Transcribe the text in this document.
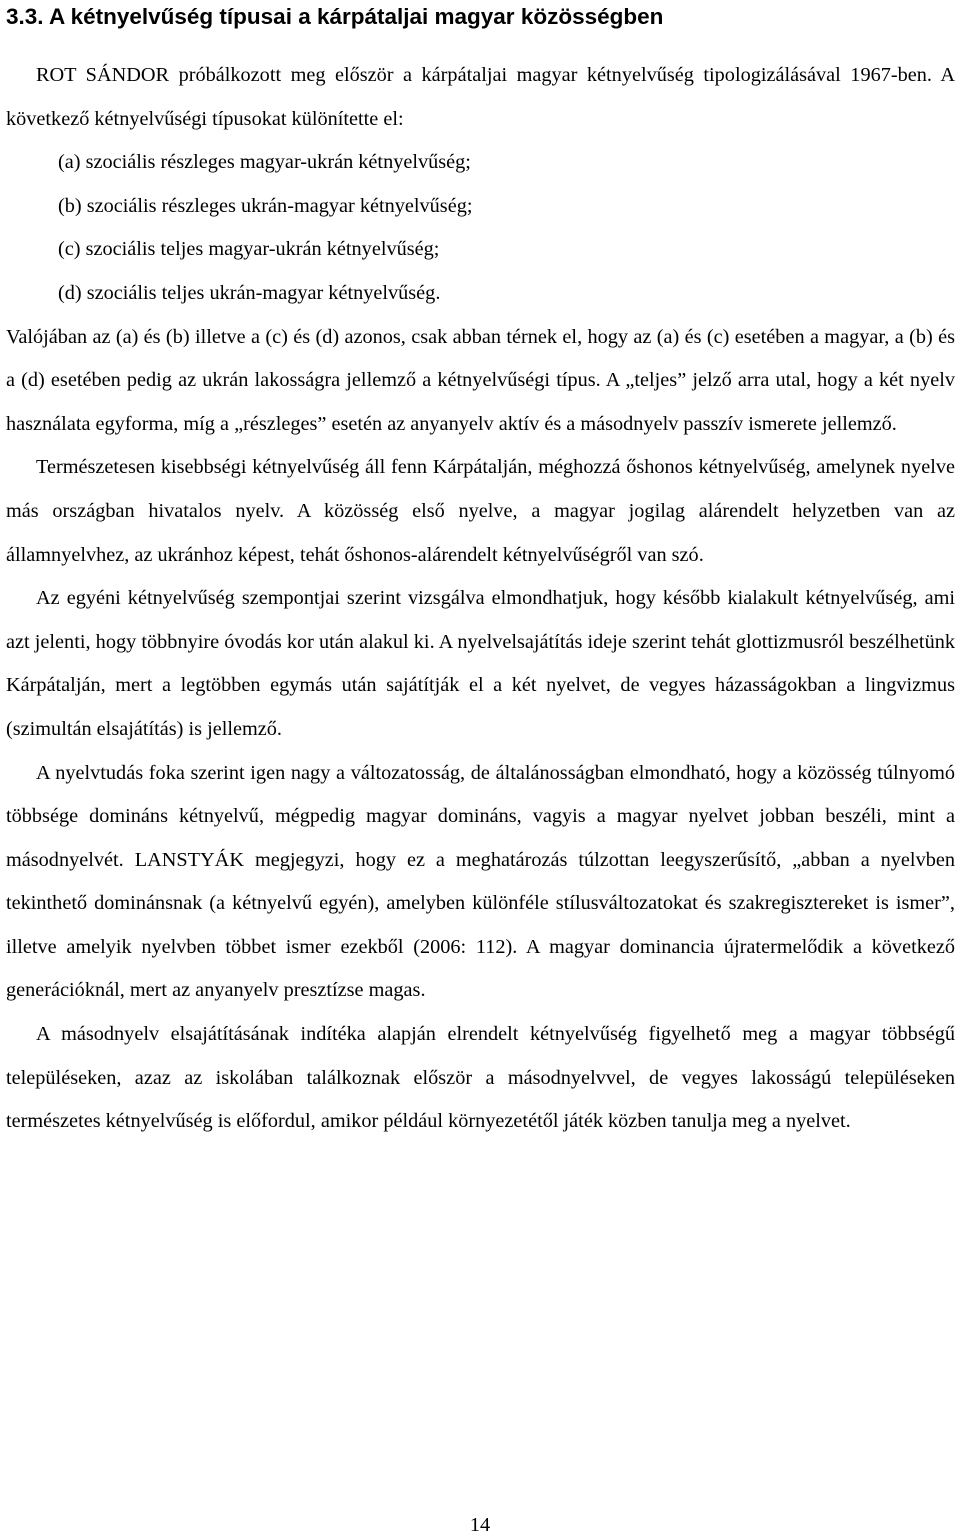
3.3. A kétnyelvűség típusai a kárpátaljai magyar közösségben

ROT SÁNDOR próbálkozott meg először a kárpátaljai magyar kétnyelvűség tipologizálásával 1967-ben. A következő kétnyelvűségi típusokat különítette el:

(a) szociális részleges magyar-ukrán kétnyelvűség;

(b) szociális részleges ukrán-magyar kétnyelvűség;

(c) szociális teljes magyar-ukrán kétnyelvűség;

(d) szociális teljes ukrán-magyar kétnyelvűség.

Valójában az (a) és (b) illetve a (c) és (d) azonos, csak abban térnek el, hogy az (a) és (c) esetében a magyar, a (b) és a (d) esetében pedig az ukrán lakosságra jellemző a kétnyelvűségi típus. A „teljes” jelző arra utal, hogy a két nyelv használata egyforma, míg a „részleges” esetén az anyanyelv aktív és a másodnyelv passzív ismerete jellemző.

Természetesen kisebbségi kétnyelvűség áll fenn Kárpátalján, méghozzá őshonos kétnyelvűség, amelynek nyelve más országban hivatalos nyelv. A közösség első nyelve, a magyar jogilag alárendelt helyzetben van az államnyelvhez, az ukránhoz képest, tehát őshonos-alárendelt kétnyelvűségről van szó.

Az egyéni kétnyelvűség szempontjai szerint vizsgálva elmondhatjuk, hogy később kialakult kétnyelvűség, ami azt jelenti, hogy többnyire óvodás kor után alakul ki. A nyelvelsajátítás ideje szerint tehát glottizmusról beszélhetünk Kárpátalján, mert a legtöbben egymás után sajátítják el a két nyelvet, de vegyes házasságokban a lingvizmus (szimultán elsajátítás) is jellemző.

A nyelvtudás foka szerint igen nagy a változatosság, de általánosságban elmondható, hogy a közösség túlnyomó többsége domináns kétnyelvű, mégpedig magyar domináns, vagyis a magyar nyelvet jobban beszéli, mint a másodnyelvét. LANSTYÁK megjegyzi, hogy ez a meghatározás túlzottan leegyszerűsítő, „abban a nyelvben tekinthető dominánsnak (a kétnyelvű egyén), amelyben különféle stílusváltozatokat és szakregisztereket is ismer”, illetve amelyik nyelvben többet ismer ezekből (2006: 112). A magyar dominancia újratermelődik a következő generációknál, mert az anyanyelv presztízse magas.

A másodnyelv elsajátításának indítéka alapján elrendelt kétnyelvűség figyelhető meg a magyar többségű településeken, azaz az iskolában találkoznak először a másodnyelvvel, de vegyes lakosságú településeken természetes kétnyelvűség is előfordul, amikor például környezetétől játék közben tanulja meg a nyelvet.

14
